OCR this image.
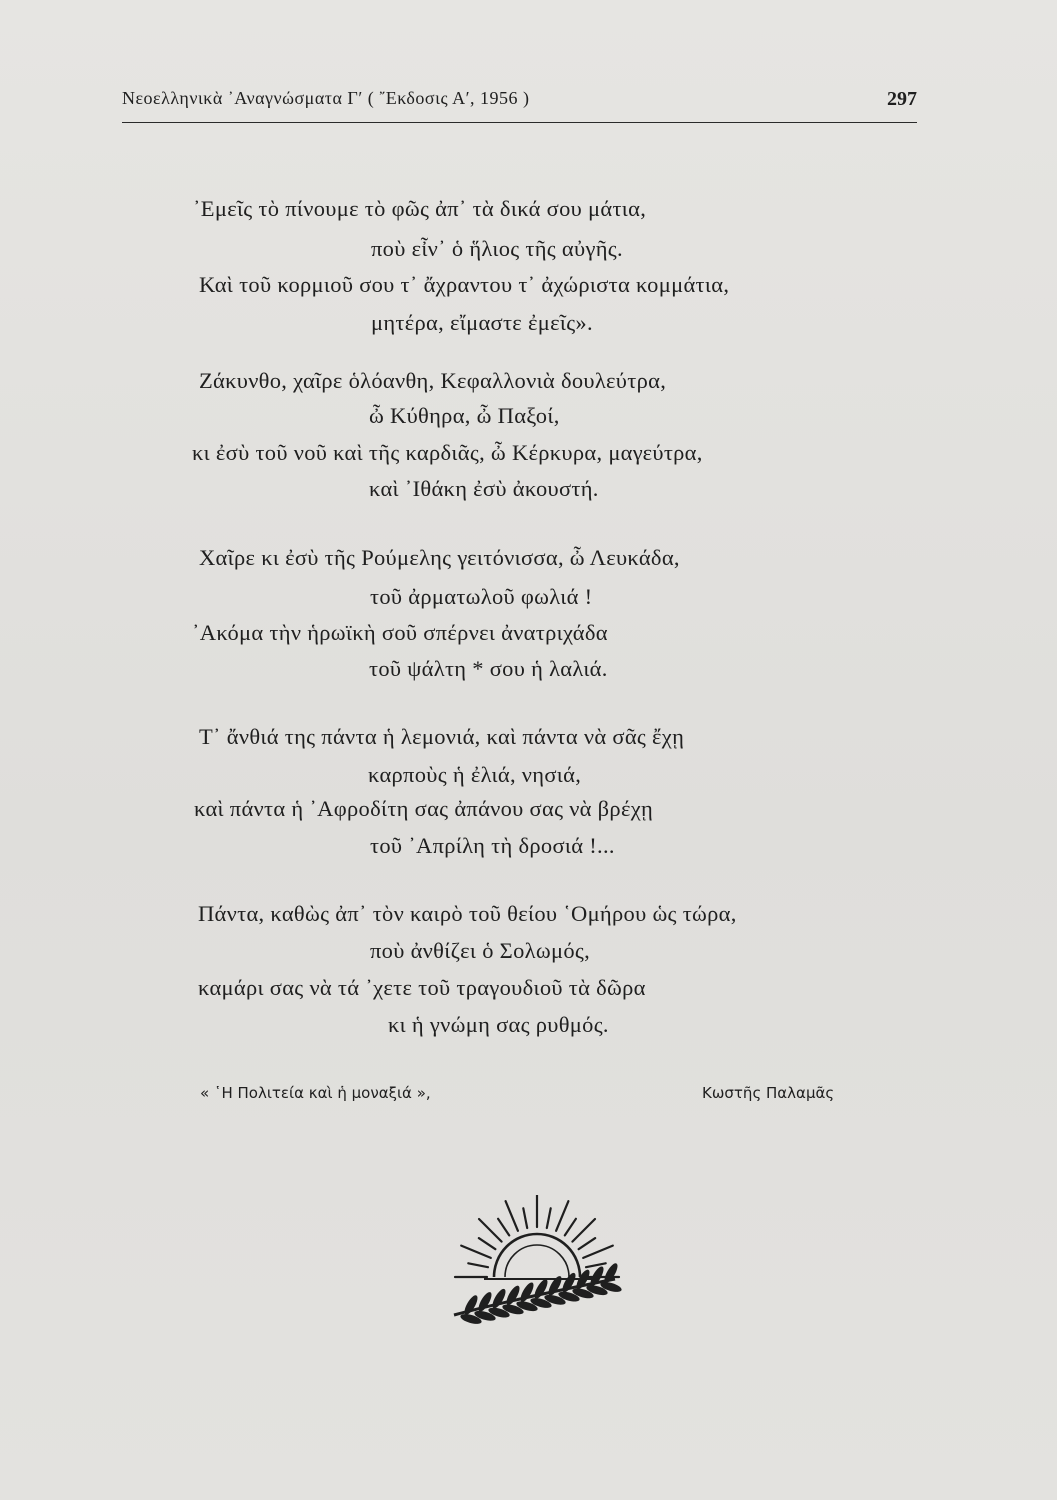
Νεοελληνικὰ ᾿Αναγνώσματα Γ′ ( ῎Εκδοσις Α′, 1956 )	297
᾿Εμεῖς τὸ πίνουμε τὸ φῶς ἀπ᾿ τὰ δικά σου μάτια,
ποὺ εἶν᾿ ὁ ἥλιος τῆς αὐγῆς.
Καὶ τοῦ κορμιοῦ σου τ᾿ ἄχραντου τ᾿ ἀχώριστα κομμάτια,
μητέρα, εἴμαστε ἐμεῖς».
Ζάκυνθο, χαῖρε ὁλόανθη, Κεφαλλονιὰ δουλεύτρα,
ὦ Κύθηρα, ὦ Παξοί,
κι ἐσὺ τοῦ νοῦ καὶ τῆς καρδιᾶς, ὦ Κέρκυρα, μαγεύτρα,
καὶ ᾿Ιθάκη ἐσὺ ἀκουστή.
Χαῖρε κι ἐσὺ τῆς Ρούμελης γειτόνισσα, ὦ Λευκάδα,
τοῦ ἀρματωλοῦ φωλιά !
᾿Ακόμα τὴν ἡρωϊκὴ σοῦ σπέρνει ἀνατριχάδα
τοῦ ψάλτη * σου ἡ λαλιά.
Τ᾿ ἄνθιά της πάντα ἡ λεμονιά, καὶ πάντα νὰ σᾶς ἔχῃ
καρποὺς ἡ ἐλιά, νησιά,
καὶ πάντα ἡ ᾿Αφροδίτη σας ἀπάνου σας νὰ βρέχῃ
τοῦ ᾿Απρίλη τὴ δροσιά !...
Πάντα, καθὼς ἀπ᾿ τὸν καιρὸ τοῦ θείου ῾Ομήρου ὡς τώρα,
ποὺ ἀνθίζει ὁ Σολωμός,
καμάρι σας νὰ τά ᾿χετε τοῦ τραγουδιοῦ τὰ δῶρα
κι ἡ γνώμη σας ρυθμός.
« ῾Η Πολιτεία καὶ ἡ μοναξιά »,	Κωστῆς Παλαμᾶς
